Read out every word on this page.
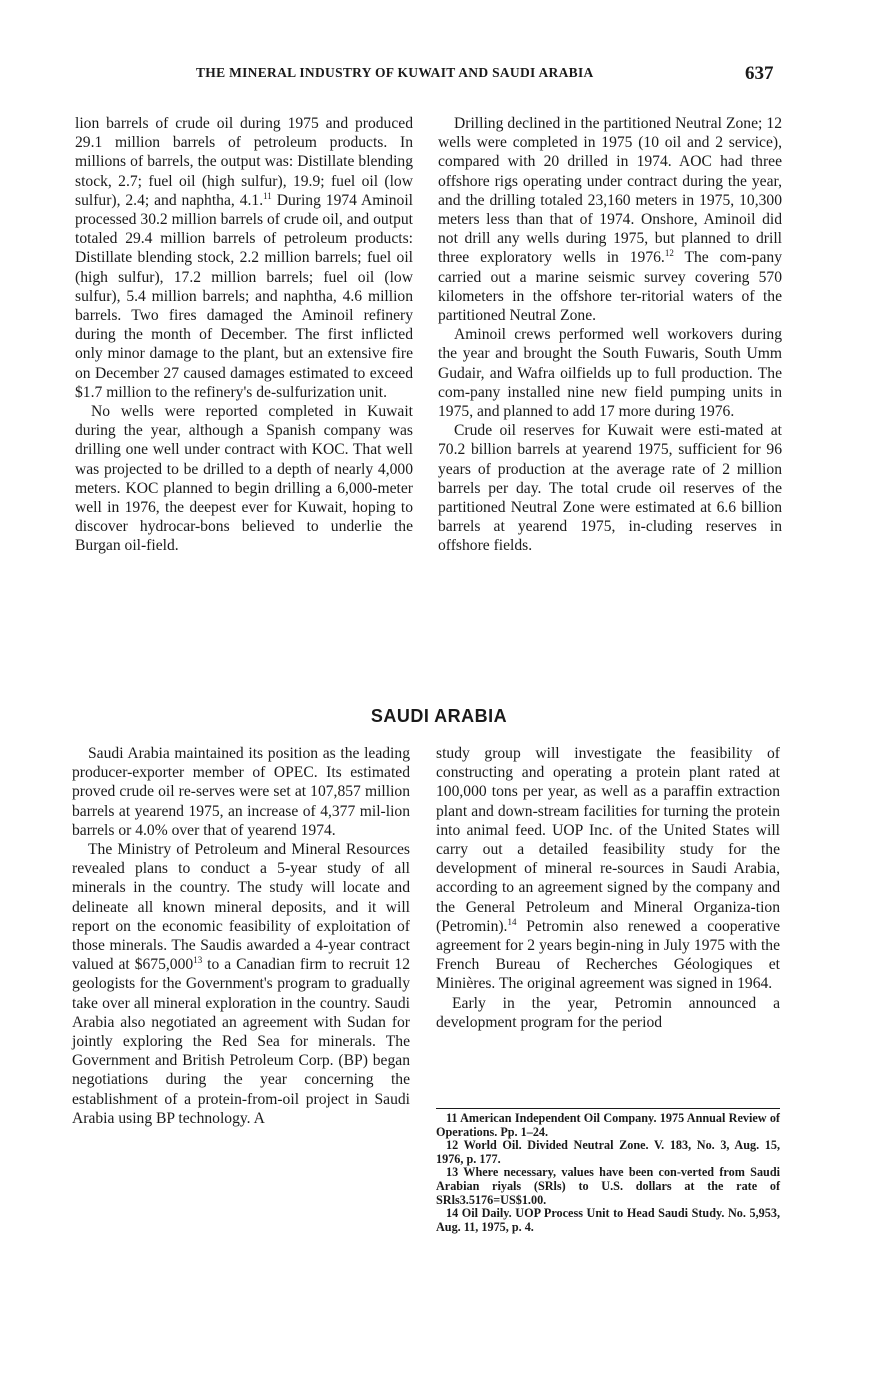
THE MINERAL INDUSTRY OF KUWAIT AND SAUDI ARABIA	637

lion barrels of crude oil during 1975 and produced 29.1 million barrels of petroleum products. In millions of barrels, the output was: Distillate blending stock, 2.7; fuel oil (high sulfur), 19.9; fuel oil (low sulfur), 2.4; and naphtha, 4.1.11 During 1974 Aminoil processed 30.2 million barrels of crude oil, and output totaled 29.4 million barrels of petroleum products: Distillate blending stock, 2.2 million barrels; fuel oil (high sulfur), 17.2 million barrels; fuel oil (low sulfur), 5.4 million barrels; and naphtha, 4.6 million barrels. Two fires damaged the Aminoil refinery during the month of December. The first inflicted only minor damage to the plant, but an extensive fire on December 27 caused damages estimated to exceed $1.7 million to the refinery's de-sulfurization unit.

No wells were reported completed in Kuwait during the year, although a Spanish company was drilling one well under contract with KOC. That well was projected to be drilled to a depth of nearly 4,000 meters. KOC planned to begin drilling a 6,000-meter well in 1976, the deepest ever for Kuwait, hoping to discover hydrocar-bons believed to underlie the Burgan oil-field.

Drilling declined in the partitioned Neutral Zone; 12 wells were completed in 1975 (10 oil and 2 service), compared with 20 drilled in 1974. AOC had three offshore rigs operating under contract during the year, and the drilling totaled 23,160 meters in 1975, 10,300 meters less than that of 1974. Onshore, Aminoil did not drill any wells during 1975, but planned to drill three exploratory wells in 1976.12 The com-pany carried out a marine seismic survey covering 570 kilometers in the offshore ter-ritorial waters of the partitioned Neutral Zone.

Aminoil crews performed well workovers during the year and brought the South Fuwaris, South Umm Gudair, and Wafra oilfields up to full production. The com-pany installed nine new field pumping units in 1975, and planned to add 17 more during 1976.

Crude oil reserves for Kuwait were esti-mated at 70.2 billion barrels at yearend 1975, sufficient for 96 years of production at the average rate of 2 million barrels per day. The total crude oil reserves of the partitioned Neutral Zone were estimated at 6.6 billion barrels at yearend 1975, in-cluding reserves in offshore fields.

SAUDI ARABIA

Saudi Arabia maintained its position as the leading producer-exporter member of OPEC. Its estimated proved crude oil re-serves were set at 107,857 million barrels at yearend 1975, an increase of 4,377 mil-lion barrels or 4.0% over that of yearend 1974.

The Ministry of Petroleum and Mineral Resources revealed plans to conduct a 5-year study of all minerals in the country. The study will locate and delineate all known mineral deposits, and it will report on the economic feasibility of exploitation of those minerals. The Saudis awarded a 4-year contract valued at $675,000$^{13}$ to a Canadian firm to recruit 12 geologists for the Government's program to gradually take over all mineral exploration in the country. Saudi Arabia also negotiated an agreement with Sudan for jointly exploring the Red Sea for minerals. The Government and British Petroleum Corp. (BP) began negotiations during the year concerning the establishment of a protein-from-oil project in Saudi Arabia using BP technology. A

study group will investigate the feasibility of constructing and operating a protein plant rated at 100,000 tons per year, as well as a paraffin extraction plant and down-stream facilities for turning the protein into animal feed. UOP Inc. of the United States will carry out a detailed feasibility study for the development of mineral re-sources in Saudi Arabia, according to an agreement signed by the company and the General Petroleum and Mineral Organiza-tion (Petromin).$^{14}$ Petromin also renewed a cooperative agreement for 2 years begin-ning in July 1975 with the French Bureau of Recherches Géologiques et Minières. The original agreement was signed in 1964.

Early in the year, Petromin announced a development program for the period

11 American Independent Oil Company. 1975 Annual Review of Operations. Pp. 1–24.

12 World Oil. Divided Neutral Zone. V. 183, No. 3, Aug. 15, 1976, p. 177.

13 Where necessary, values have been con-verted from Saudi Arabian riyals (SRls) to U.S. dollars at the rate of SRls3.5176=US$1.00.

14 Oil Daily. UOP Process Unit to Head Saudi Study. No. 5,953, Aug. 11, 1975, p. 4.
